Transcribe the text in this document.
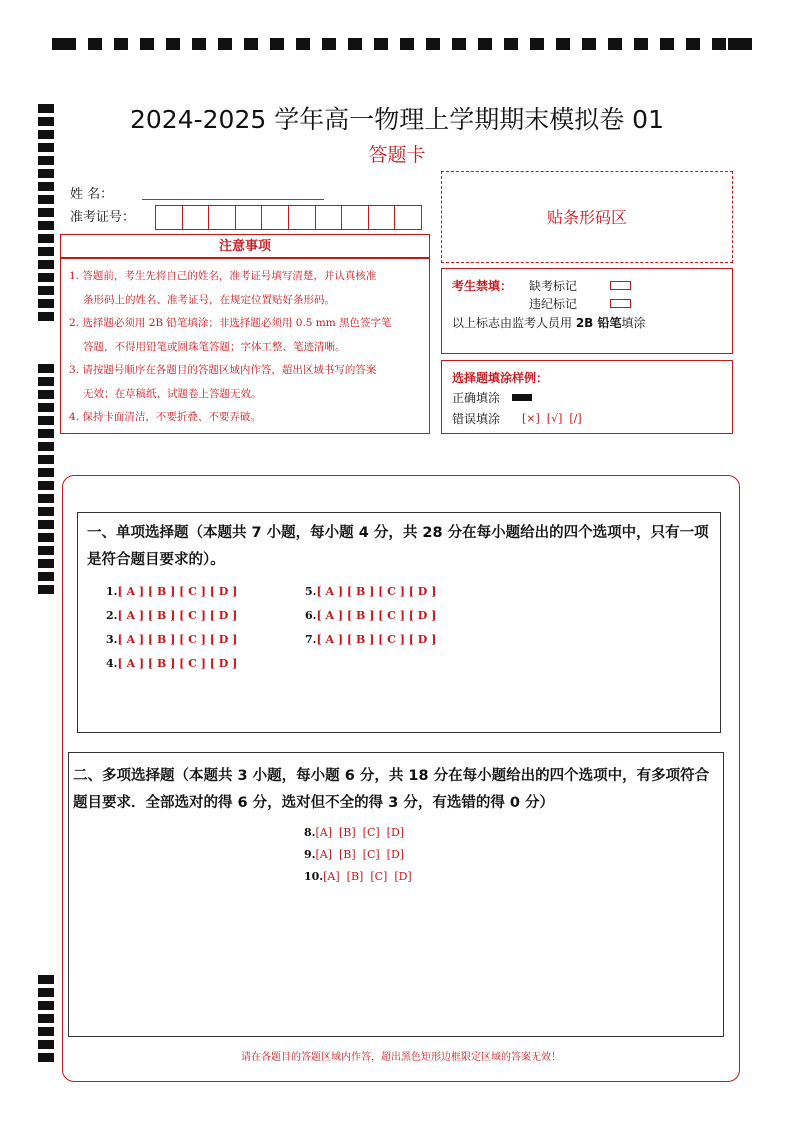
2024-2025 学年高一物理上学期期末模拟卷 01
答题卡
姓 名：
准考证号：	贴条形码区
注意事项

1. 答题前，考生先将自己的姓名，准考证号填写清楚，并认真核准

条形码上的姓名、准考证号，在规定位置贴好条形码。

2. 选择题必须用 2B 铅笔填涂；非选择题必须用 0.5 mm 黑色签字笔

答题，不得用铅笔或圆珠笔答题；字体工整、笔迹清晰。

3. 请按题号顺序在各题目的答题区域内作答，超出区域书写的答案

无效；在草稿纸、试题卷上答题无效。

4. 保持卡面清洁，不要折叠、不要弄破。

考生禁填： 缺考标记
违纪标记
以上标志由监考人员用 2B 铅笔填涂
选择题填涂样例：
正确填涂
错误填涂 [×]  [√]  [/]
一、单项选择题（本题共 7 小题，每小题 4 分，共 28 分在每小题给出的四个选项中，只有一项是符合题目要求的）。
1.[ A ] [ B ] [ C ] [ D ]
2.[ A ] [ B ] [ C ] [ D ]
3.[ A ] [ B ] [ C ] [ D ]
4.[ A ] [ B ] [ C ] [ D ]
5.[ A ] [ B ] [ C ] [ D ]
6.[ A ] [ B ] [ C ] [ D ]
7.[ A ] [ B ] [ C ] [ D ]
二、多项选择题（本题共 3 小题，每小题 6 分，共 18 分在每小题给出的四个选项中，有多项符合题目要求．全部选对的得 6 分，选对但不全的得 3 分，有选错的得 0 分）
8.[A]  [B]  [C]  [D]
9.[A]  [B]  [C]  [D]
10.[A]  [B]  [C]  [D]
请在各题目的答题区域内作答，超出黑色矩形边框限定区域的答案无效！
